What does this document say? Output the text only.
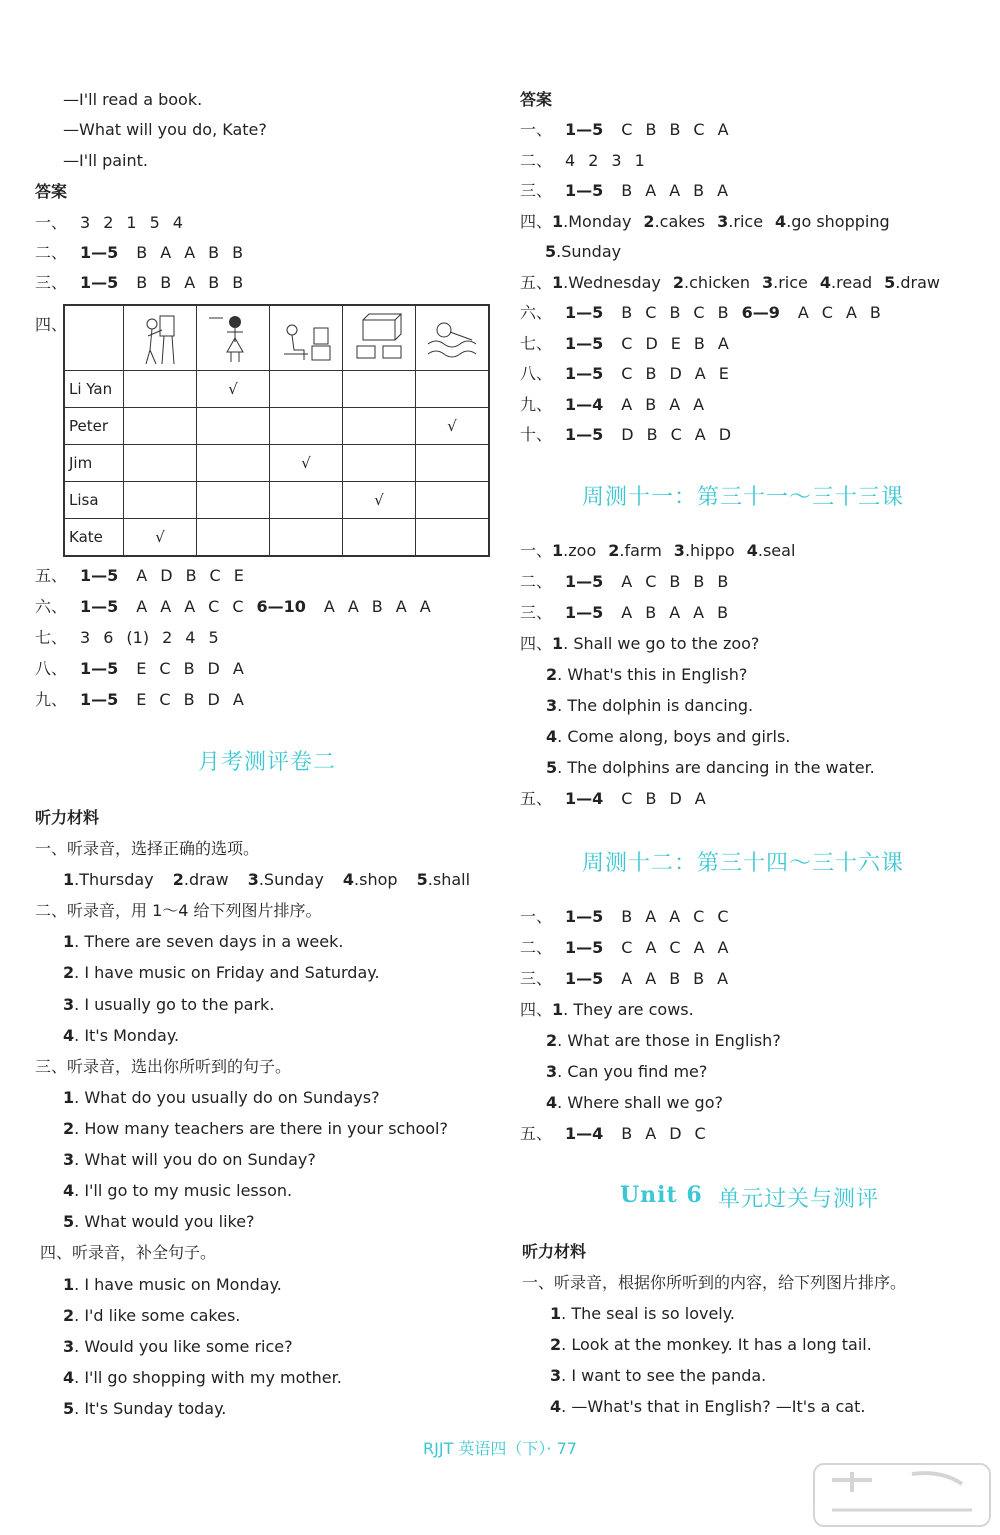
—I'll read a book.
—What will you do, Kate?
—I'll paint.
答案
一、 3 2 1 5 4
二、 1—5 B A A B B
三、 1—5 B B A B B
四、

Li Yan		√			
Peter					√
Jim			√		
Lisa				√	
Kate	√				
五、 1—5 A D B C E
六、 1—5 A A A C C 6—10 A A B A A
七、 3 6 (1) 2 4 5
八、 1—5 E C B D A
九、 1—5 E C B D A
月考测评卷二
听力材料
一、听录音，选择正确的选项。
1.Thursday 2.draw 3.Sunday 4.shop 5.shall
二、听录音，用 1～4 给下列图片排序。
1. There are seven days in a week.
2. I have music on Friday and Saturday.
3. I usually go to the park.
4. It's Monday.
三、听录音，选出你所听到的句子。
1. What do you usually do on Sundays?
2. How many teachers are there in your school?
3. What will you do on Sunday?
4. I'll go to my music lesson.
5. What would you like?
四、听录音，补全句子。
1. I have music on Monday.
2. I'd like some cakes.
3. Would you like some rice?
4. I'll go shopping with my mother.
5. It's Sunday today.
答案
一、 1—5 C B B C A
二、 4 2 3 1
三、 1—5 B A A B A
四、1.Monday 2.cakes 3.rice 4.go shopping
5.Sunday
五、1.Wednesday 2.chicken 3.rice 4.read 5.draw
六、 1—5 B C B C B 6—9 A C A B
七、 1—5 C D E B A
八、 1—5 C B D A E
九、 1—4 A B A A
十、 1—5 D B C A D
周测十一：第三十一～三十三课
一、1.zoo 2.farm 3.hippo 4.seal
二、 1—5 A C B B B
三、 1—5 A B A A B
四、1. Shall we go to the zoo?
2. What's this in English?
3. The dolphin is dancing.
4. Come along, boys and girls.
5. The dolphins are dancing in the water.
五、 1—4 C B D A
周测十二：第三十四～三十六课
一、 1—5 B A A C C
二、 1—5 C A C A A
三、 1—5 A A B B A
四、1. They are cows.
2. What are those in English?
3. Can you find me?
4. Where shall we go?
五、 1—4 B A D C
Unit 6 单元过关与测评
听力材料
一、听录音，根据你所听到的内容，给下列图片排序。
1. The seal is so lovely.
2. Look at the monkey. It has a long tail.
3. I want to see the panda.
4. —What's that in English? —It's a cat.
RJJT 英语四（下）· 77
